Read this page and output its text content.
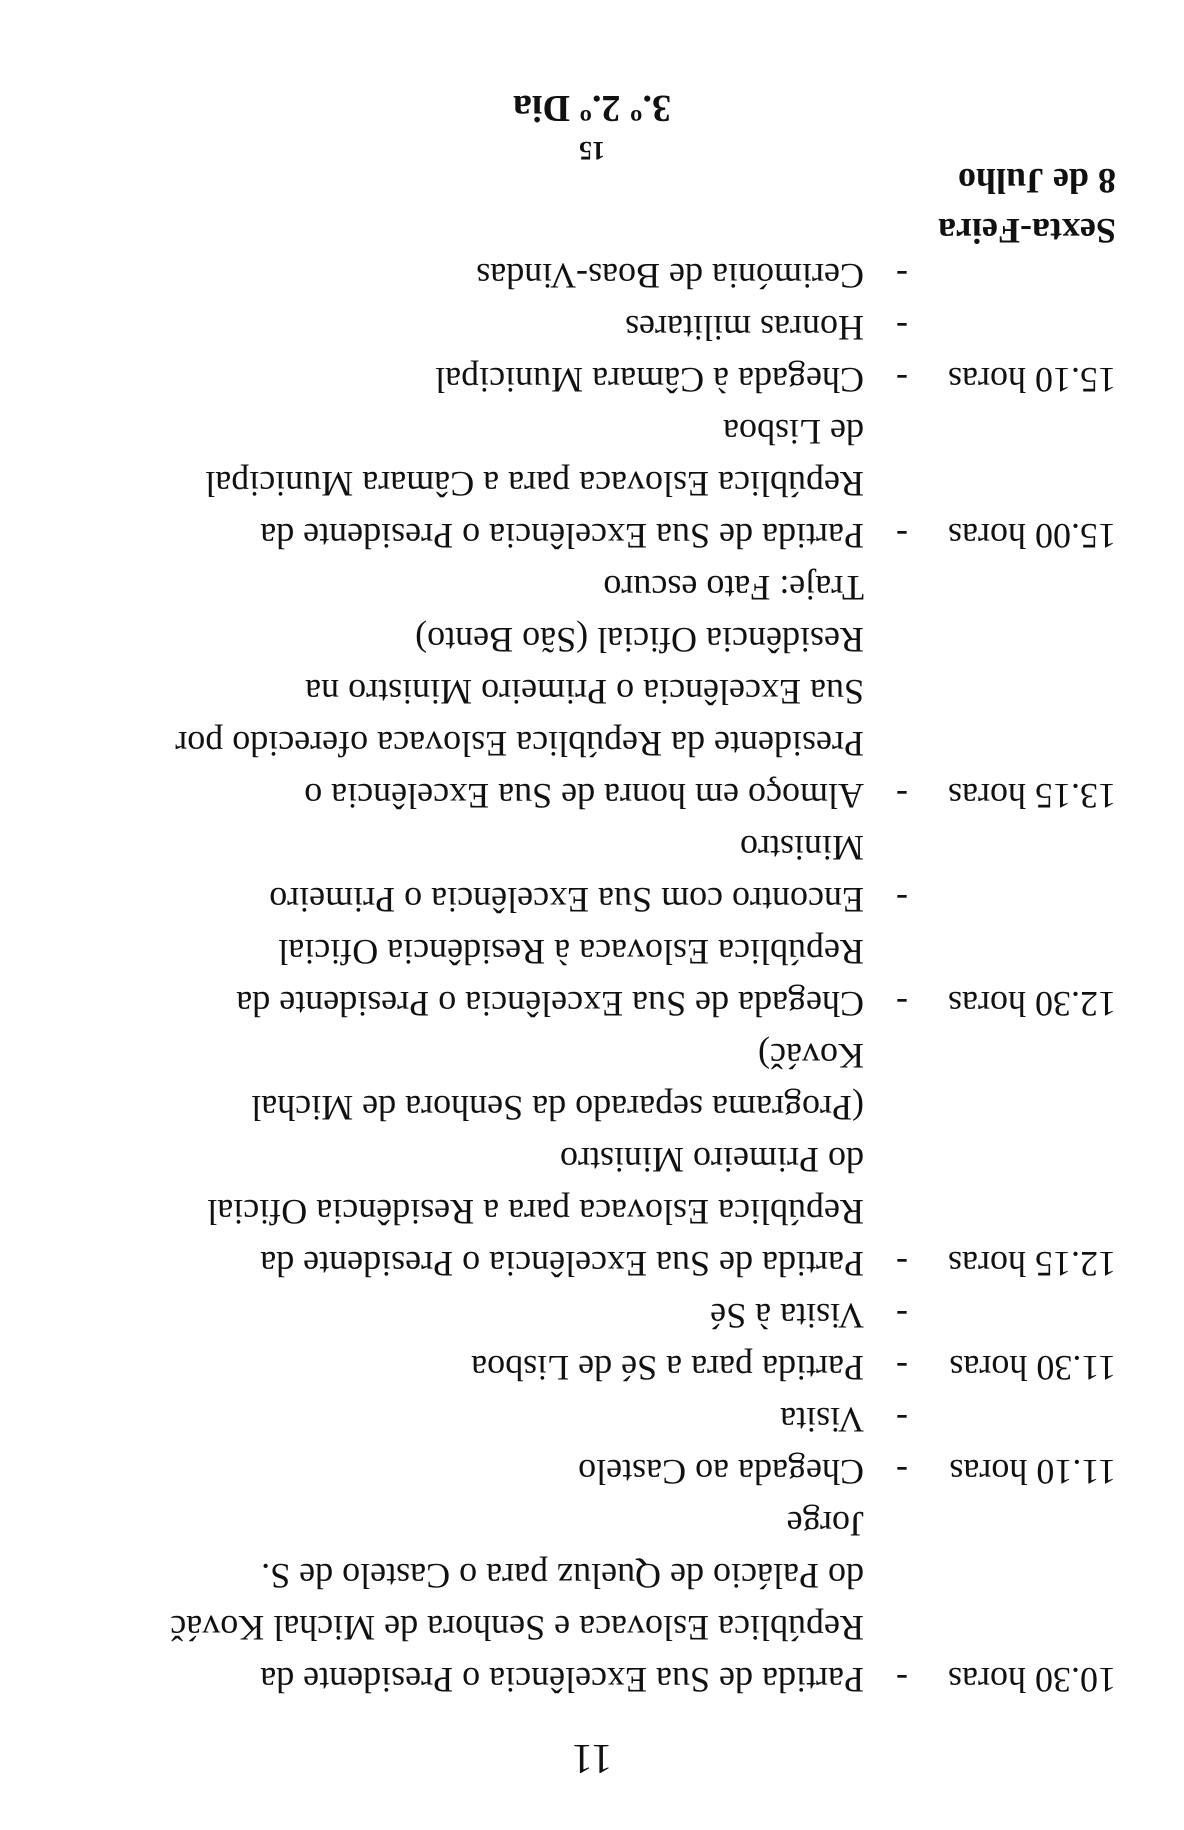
11
3.º 2.º Dia
15
8 de Julho
Sexta-Feira
10.30 horas
-
Partida de Sua Excelência o Presidente da
República Eslovaca e Senhora de Michal Kováč
do Palácio de Queluz para o Castelo de S.
Jorge
11.10 horas
-
Chegada ao Castelo
-
Visita
11.30 horas
-
Partida para a Sé de Lisboa
-
Visita à Sé
12.15 horas
-
Partida de Sua Excelência o Presidente da
República Eslovaca para a Residência Oficial
do Primeiro Ministro
(Programa separado da Senhora de Michal
Kováč)
12.30 horas
-
Chegada de Sua Excelência o Presidente da
República Eslovaca à Residência Oficial
-
Encontro com Sua Excelência o Primeiro
Ministro
13.15 horas
-
Almoço em honra de Sua Excelência o
Presidente da República Eslovaca oferecido por
Sua Excelência o Primeiro Ministro na
Residência Oficial (São Bento)
Traje: Fato escuro
15.00 horas
-
Partida de Sua Excelência o Presidente da
República Eslovaca para a Câmara Municipal
de Lisboa
15.10 horas
-
Chegada à Câmara Municipal
-
Honras militares
-
Cerimónia de Boas-Vindas
